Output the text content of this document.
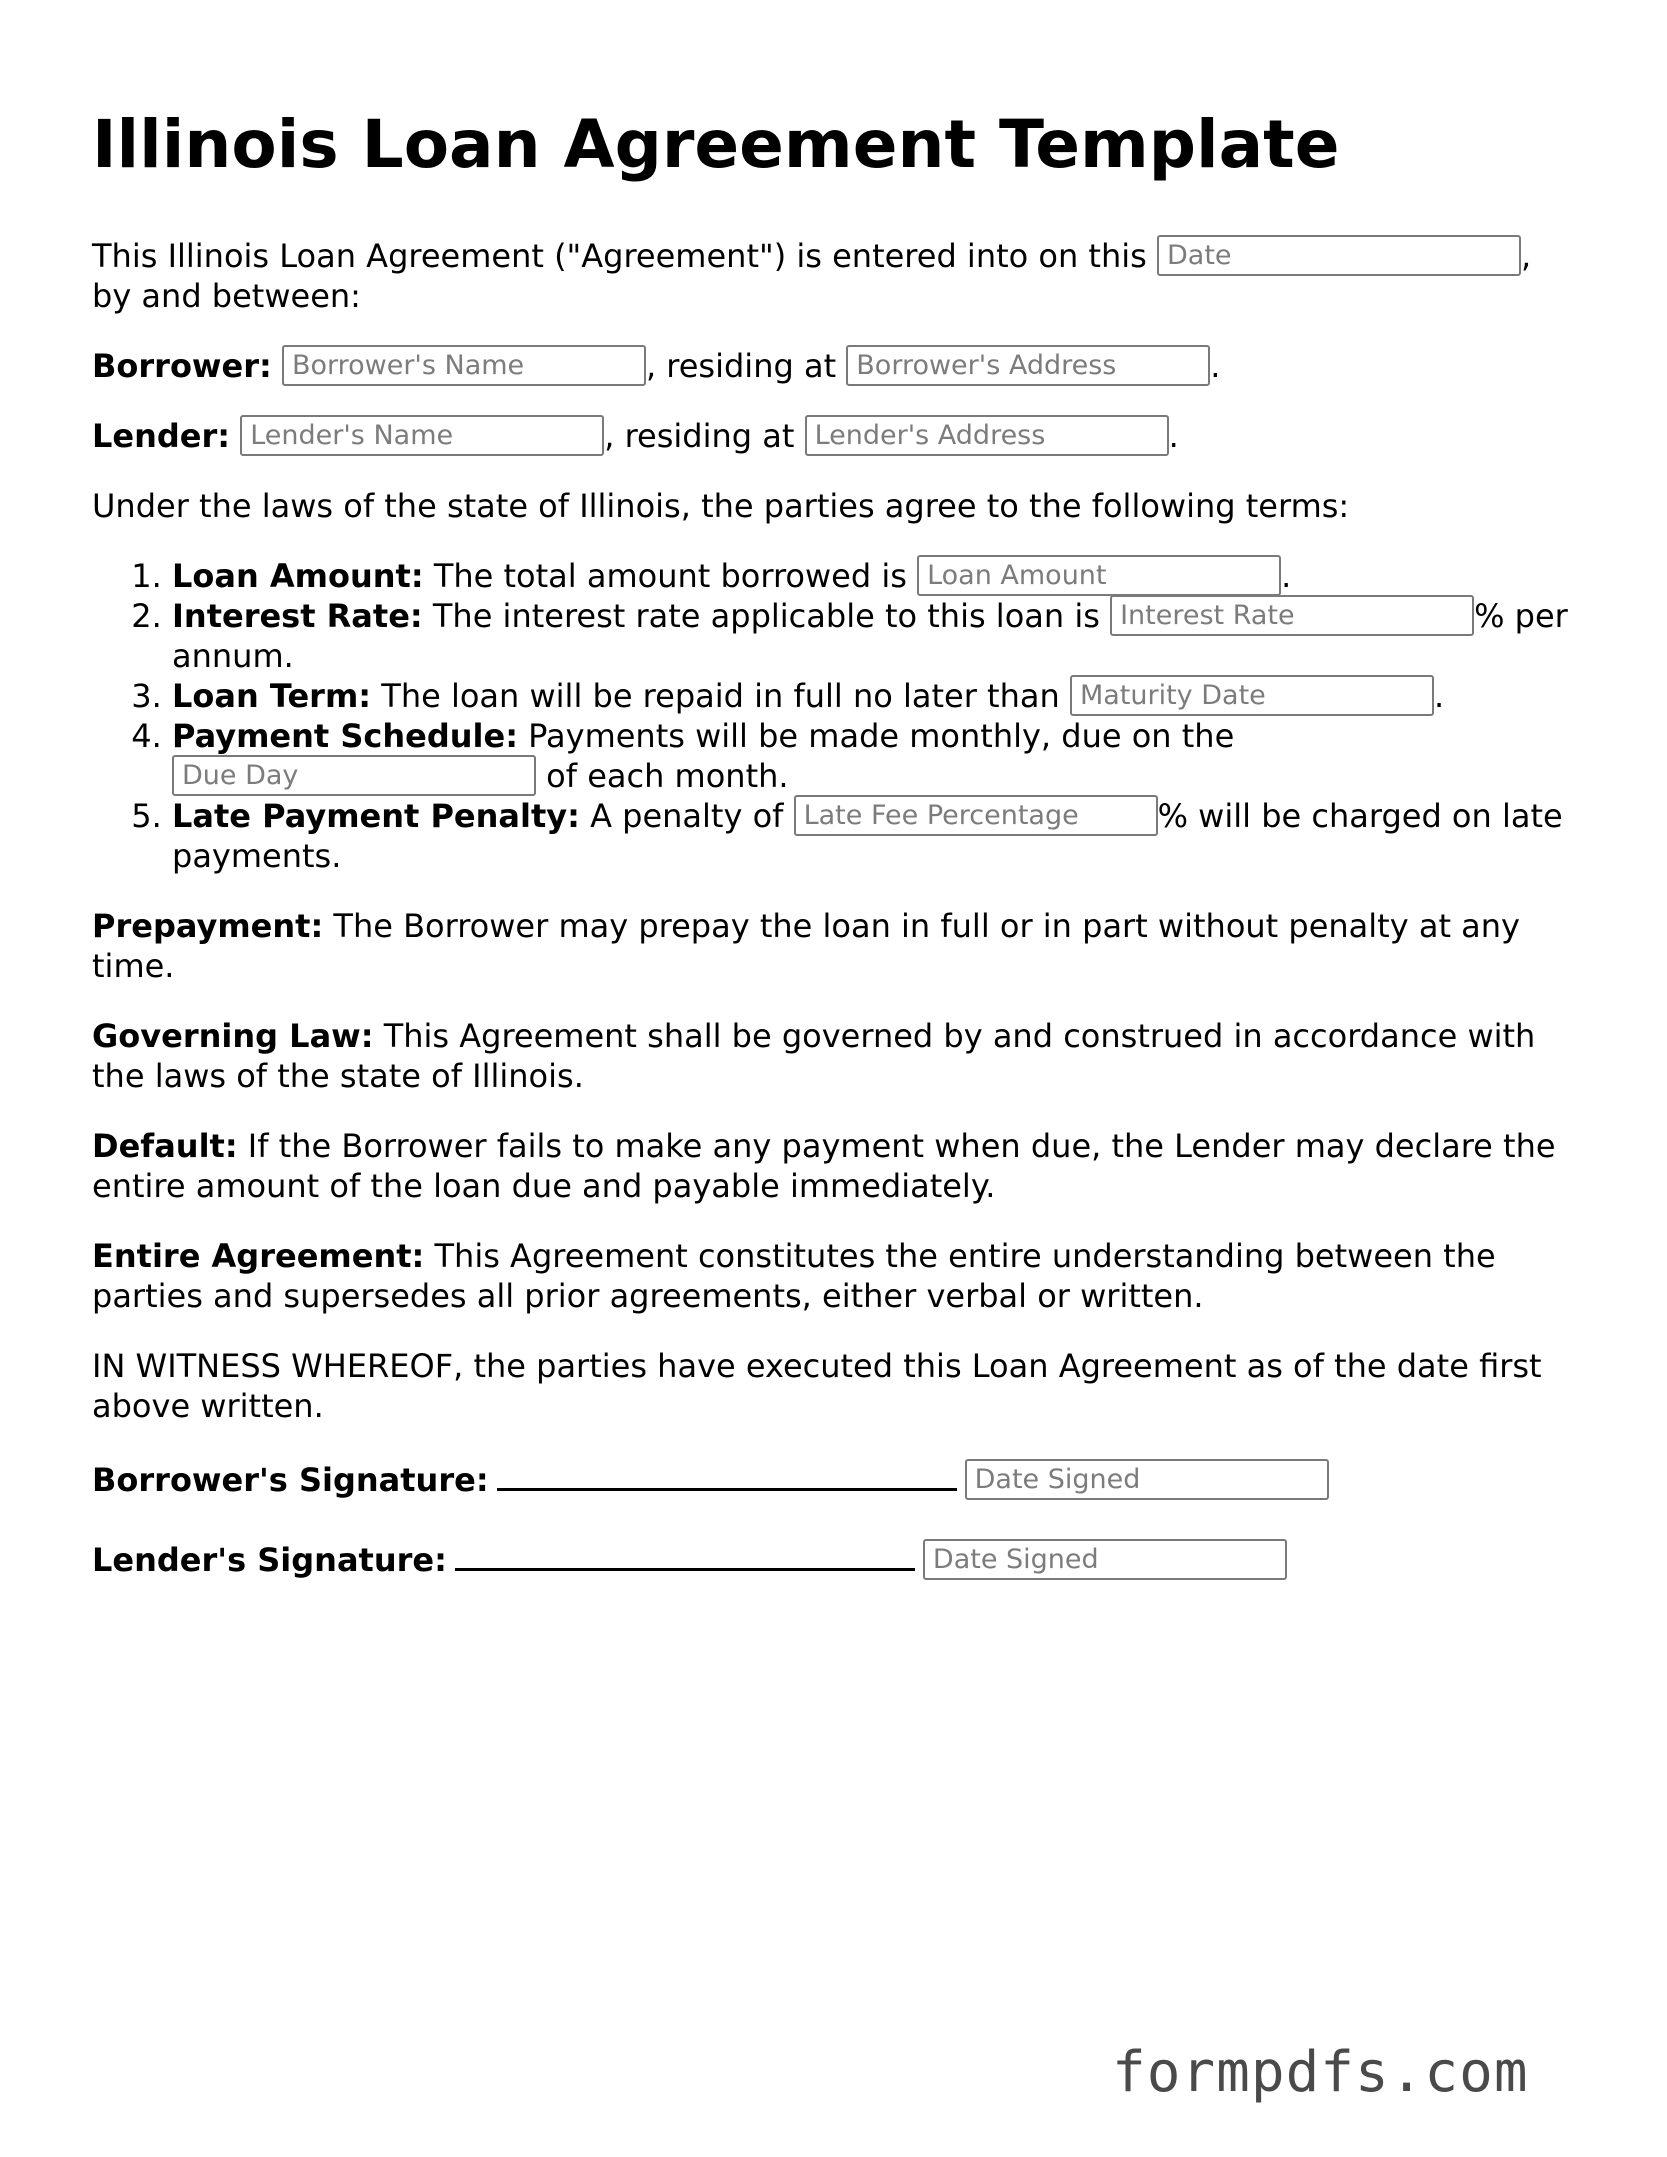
Illinois Loan Agreement Template

This Illinois Loan Agreement ("Agreement") is entered into on this Date	, by and between:

Borrower: Borrower's Name	, residing at Borrower's Address	.

Lender: Lender's Name	, residing at Lender's Address	.

Under the laws of the state of Illinois, the parties agree to the following terms:

1. Loan Amount: The total amount borrowed is Loan Amount	.
2. Interest Rate: The interest rate applicable to this loan is Interest Rate	% per annum.
3. Loan Term: The loan will be repaid in full no later than Maturity Date	.
4. Payment Schedule: Payments will be made monthly, due on the Due Day	of each month.
5. Late Payment Penalty: A penalty of Late Fee Percentage % will be charged on late payments.

Prepayment: The Borrower may prepay the loan in full or in part without penalty at any time.

Governing Law: This Agreement shall be governed by and construed in accordance with the laws of the state of Illinois.

Default: If the Borrower fails to make any payment when due, the Lender may declare the entire amount of the loan due and payable immediately.

Entire Agreement: This Agreement constitutes the entire understanding between the parties and supersedes all prior agreements, either verbal or written.

IN WITNESS WHEREOF, the parties have executed this Loan Agreement as of the date first above written.

Borrower's Signature:	Date Signed
Lender's Signature:	Date Signed
formpdfs.com
